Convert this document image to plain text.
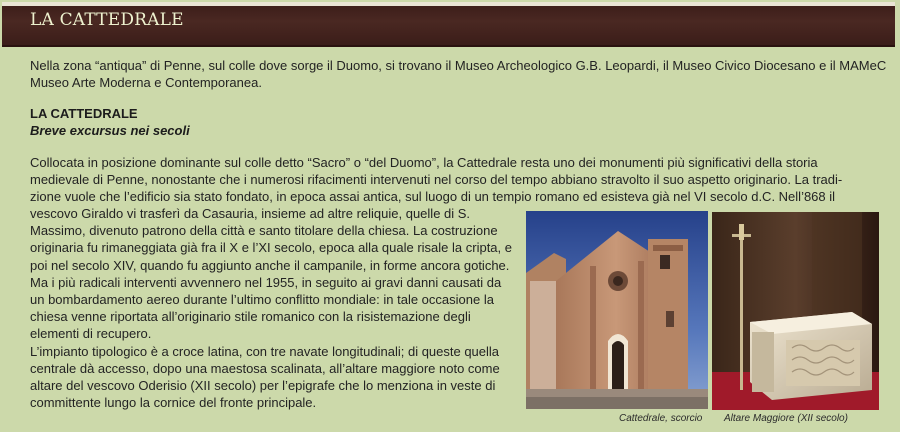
LA CATTEDRALE
Nella zona “antiqua” di Penne, sul colle dove sorge il Duomo, si trovano il Museo Archeologico G.B. Leopardi, il Museo Civico Diocesano e il MAMeC Museo Arte Moderna e Contemporanea.
LA CATTEDRALE
Breve excursus nei secoli

Collocata in posizione dominante sul colle detto “Sacro” o “del Duomo”, la Cattedrale resta uno dei monumenti più significativi della storia

medievale di Penne, nonostante che i numerosi rifacimenti intervenuti nel corso del tempo abbiano stravolto il suo aspetto originario. La tradi-

zione vuole che l’edificio sia stato fondato, in epoca assai antica, sul luogo di un tempio romano ed esisteva già nel VI secolo d.C. Nell’868 il

vescovo Giraldo vi trasferì da Casauria, insieme ad altre reliquie, quelle di S. Massimo, divenuto patrono della città e santo titolare della chiesa. La costruzione originaria fu rimaneggiata già fra il X e l’XI secolo, epoca alla quale risale la cripta, e poi nel secolo XIV, quando fu aggiunto anche il campanile, in forme ancora gotiche. Ma i più radicali interventi avvennero nel 1955, in seguito ai gravi danni causati da un bombardamento aereo durante l’ultimo conflitto mondiale: in tale occasione la chiesa venne riportata all’originario stile romanico con la risistemazione degli elementi di recupero.

L’impianto tipologico è a croce latina, con tre navate longitudinali; di queste quella centrale dà accesso, dopo una maestosa scalinata, all’altare maggiore noto come altare del vescovo Oderisio (XII secolo) per l’epigrafe che lo menziona in veste di committente lungo la cornice del fronte principale.

Cattedrale, scorcio Altare Maggiore (XII secolo)
